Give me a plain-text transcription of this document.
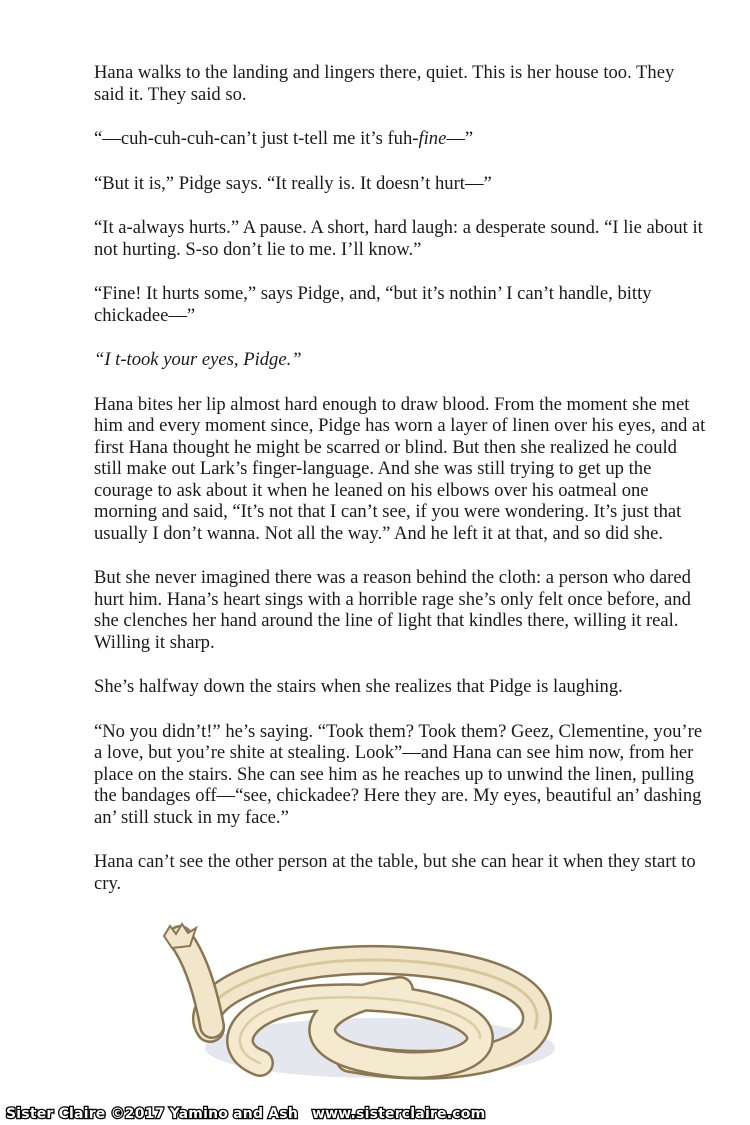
Hana walks to the landing and lingers there, quiet. This is her house too. They said it. They said so.

“—cuh-cuh-cuh-can’t just t-tell me it’s fuh-fine—”

“But it is,” Pidge says. “It really is. It doesn’t hurt—”

“It a-always hurts.” A pause. A short, hard laugh: a desperate sound. “I lie about it not hurting. S-so don’t lie to me. I’ll know.”

“Fine! It hurts some,” says Pidge, and, “but it’s nothin’ I can’t handle, bitty chickadee—”

“I t-took your eyes, Pidge.”

Hana bites her lip almost hard enough to draw blood. From the moment she met him and every moment since, Pidge has worn a layer of linen over his eyes, and at first Hana thought he might be scarred or blind. But then she realized he could still make out Lark’s finger-language. And she was still trying to get up the courage to ask about it when he leaned on his elbows over his oatmeal one morning and said, “It’s not that I can’t see, if you were wondering. It’s just that usually I don’t wanna. Not all the way.” And he left it at that, and so did she.

But she never imagined there was a reason behind the cloth: a person who dared hurt him. Hana’s heart sings with a horrible rage she’s only felt once before, and she clenches her hand around the line of light that kindles there, willing it real. Willing it sharp.

She’s halfway down the stairs when she realizes that Pidge is laughing.

“No you didn’t!” he’s saying. “Took them? Took them? Geez, Clementine, you’re a love, but you’re shite at stealing. Look”—and Hana can see him now, from her place on the stairs. She can see him as he reaches up to unwind the linen, pulling the bandages off—“see, chickadee? Here they are. My eyes, beautiful an’ dashing an’ still stuck in my face.”

Hana can’t see the other person at the table, but she can hear it when they start to cry.

Sister Claire ©2017 Yamino and Ash www.sisterclaire.com
